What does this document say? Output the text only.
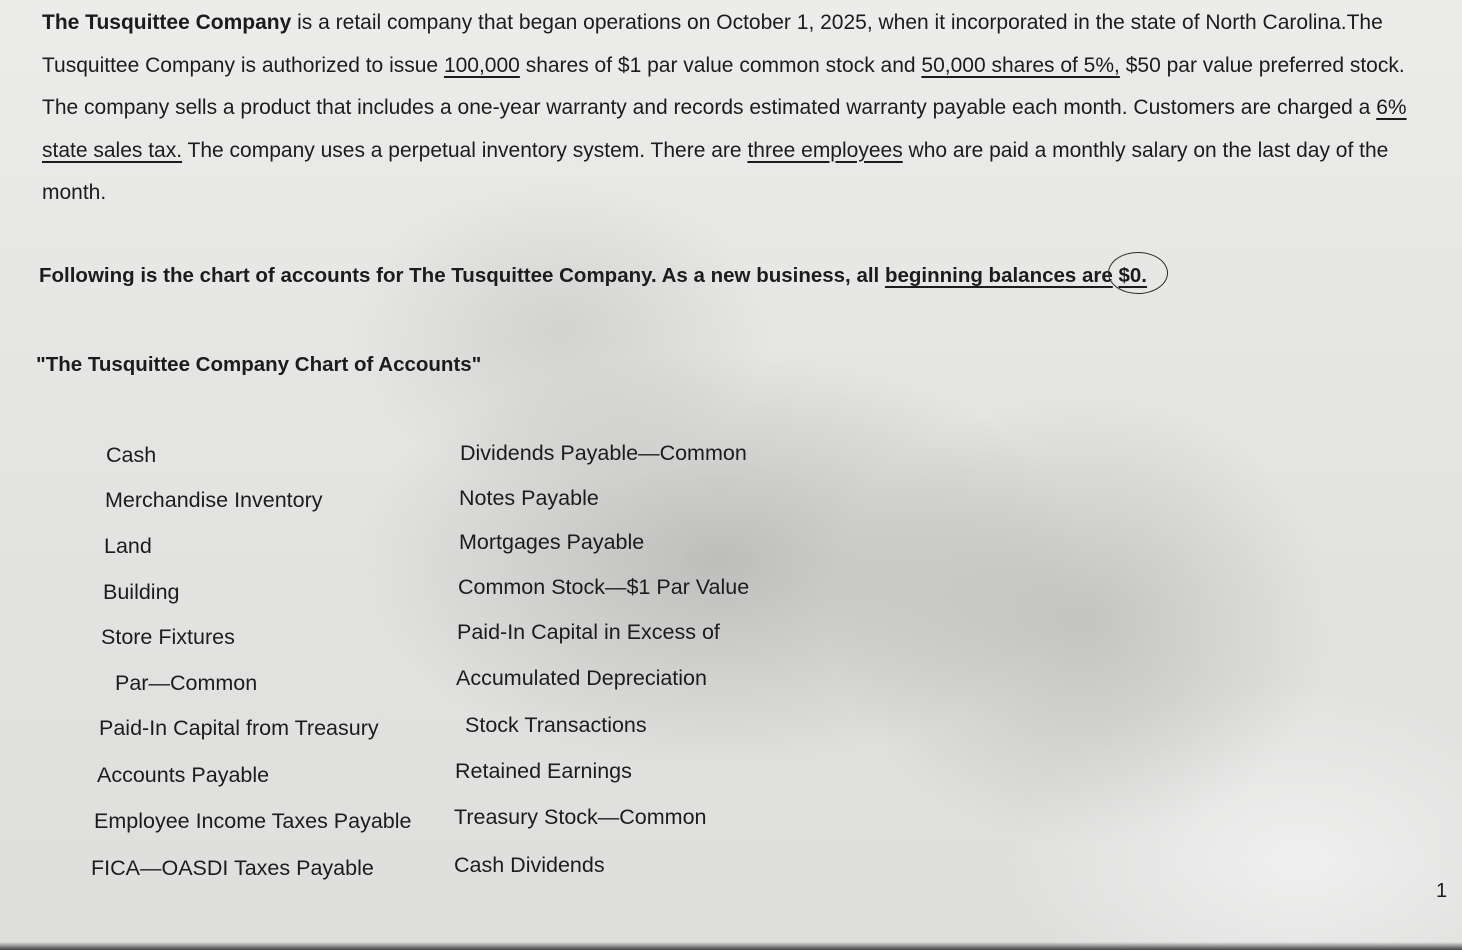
The Tusquittee Company is a retail company that began operations on October 1, 2025, when it incorporated in the state of North Carolina.The Tusquittee Company is authorized to issue 100,000 shares of $1 par value common stock and 50,000 shares of 5%, $50 par value preferred stock. The company sells a product that includes a one-year warranty and records estimated warranty payable each month. Customers are charged a 6% state sales tax. The company uses a perpetual inventory system. There are three employees who are paid a monthly salary on the last day of the month.

Following is the chart of accounts for The Tusquittee Company. As a new business, all beginning balances are $0.

"The Tusquittee Company Chart of Accounts"

Cash
Merchandise Inventory
Land
Building
Store Fixtures
Par—Common
Paid-In Capital from Treasury
Accounts Payable
Employee Income Taxes Payable
FICA—OASDI Taxes Payable
Dividends Payable—Common
Notes Payable
Mortgages Payable
Common Stock—$1 Par Value
Paid-In Capital in Excess of
Accumulated Depreciation
Stock Transactions
Retained Earnings
Treasury Stock—Common
Cash Dividends
1
